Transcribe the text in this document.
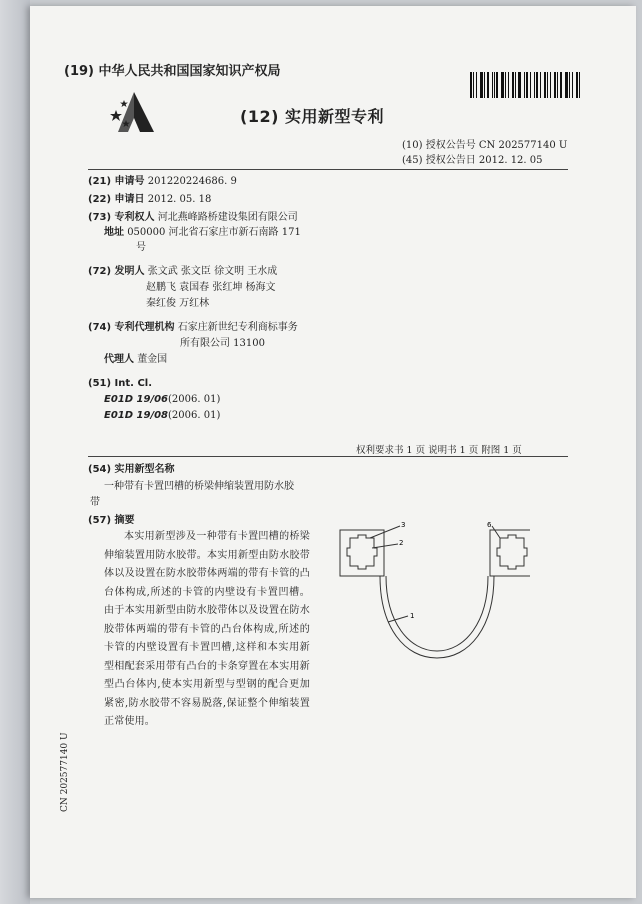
(19) 中华人民共和国国家知识产权局
(12) 实用新型专利
(10) 授权公告号 CN 202577140 U
(45) 授权公告日 2012. 12. 05
(21) 申请号 201220224686. 9
(22) 申请日 2012. 05. 18
(73) 专利权人 河北燕峰路桥建设集团有限公司
地址 050000 河北省石家庄市新石南路 171
号
(72) 发明人 张文武 张文臣 徐文明 王水成
赵鹏飞 袁国春 张红坤 杨海文
秦红俊 万红林
(74) 专利代理机构 石家庄新世纪专利商标事务
所有限公司 13100
代理人 董金国
(51) Int. Cl.
E01D 19/06(2006. 01)
E01D 19/08(2006. 01)
权利要求书 1 页 说明书 1 页 附图 1 页
(54) 实用新型名称
一种带有卡置凹槽的桥梁伸缩装置用防水胶
带
(57) 摘要
本实用新型涉及一种带有卡置凹槽的桥梁伸缩装置用防水胶带。本实用新型由防水胶带体以及设置在防水胶带体两端的带有卡管的凸台体构成,所述的卡管的内壁设有卡置凹槽。由于本实用新型由防水胶带体以及设置在防水胶带体两端的带有卡管的凸台体构成,所述的卡管的内壁设置有卡置凹槽,这样和本实用新型相配套采用带有凸台的卡条穿置在本实用新型凸台体内,使本实用新型与型钢的配合更加紧密,防水胶带不容易脱落,保证整个伸缩装置正常使用。
3
2
6
1
CN 202577140 U
